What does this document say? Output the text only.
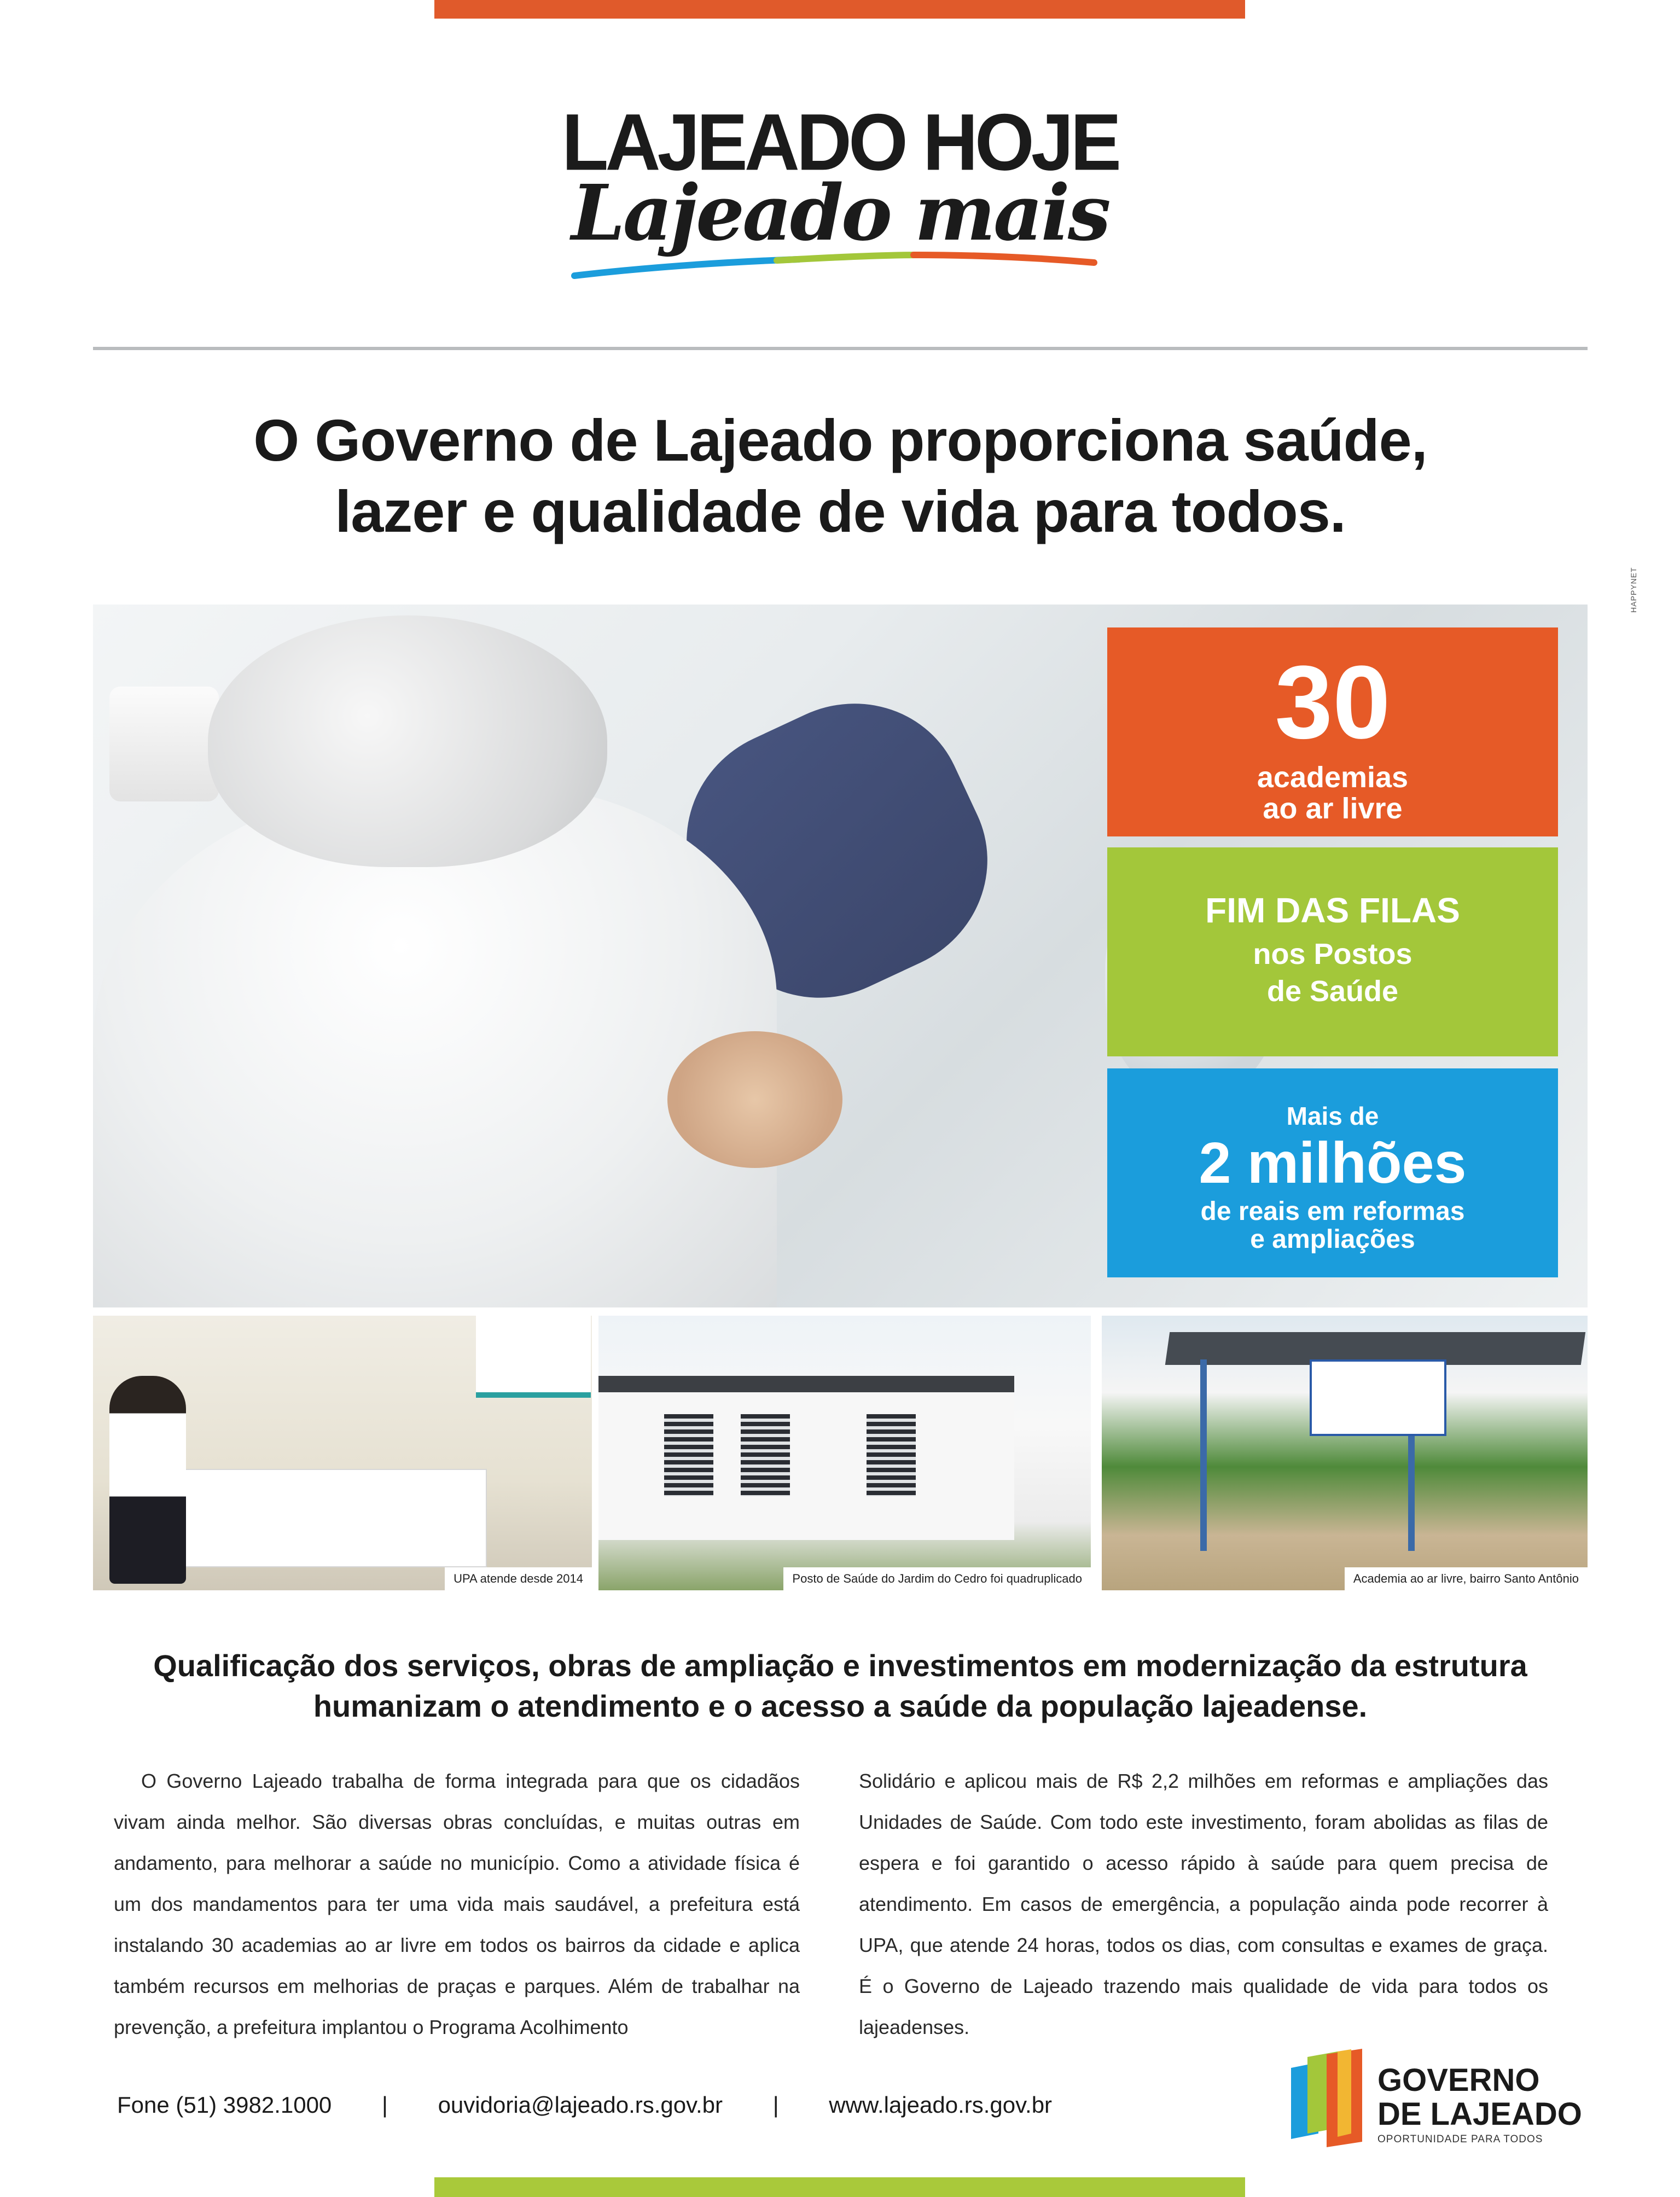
LAJEADO HOJE
Lajeado mais
O Governo de Lajeado proporciona saúde,
lazer e qualidade de vida para todos.
HAPPYNET
30
academias
ao ar livre
FIM DAS FILAS
nos Postos
de Saúde
Mais de
2 milhões
de reais em reformas
e ampliações
UPA atende desde 2014	Posto de Saúde do Jardim do Cedro foi quadruplicado	Academia ao ar livre, bairro Santo Antônio
Qualificação dos serviços, obras de ampliação e investimentos em modernização da estrutura
humanizam o atendimento e o acesso a saúde da população lajeadense.
O Governo Lajeado trabalha de forma integrada para que os cidadãos vivam ainda melhor. São diversas obras concluídas, e muitas outras em andamento, para melhorar a saúde no município. Como a atividade física é um dos mandamentos para ter uma vida mais saudável, a prefeitura está instalando 30 academias ao ar livre em todos os bairros da cidade e aplica também recursos em melhorias de praças e parques. Além de trabalhar na prevenção, a prefeitura implantou o Programa Acolhimento
Solidário e aplicou mais de R$ 2,2 milhões em reformas e ampliações das Unidades de Saúde. Com todo este investimento, foram abolidas as filas de espera e foi garantido o acesso rápido à saúde para quem precisa de atendimento. Em casos de emergência, a população ainda pode recorrer à UPA, que atende 24 horas, todos os dias, com consultas e exames de graça. É o Governo de Lajeado trazendo mais qualidade de vida para todos os lajeadenses.
Fone (51) 3982.1000 | ouvidoria@lajeado.rs.gov.br | www.lajeado.rs.gov.br
GOVERNO
DE LAJEADO
OPORTUNIDADE PARA TODOS
